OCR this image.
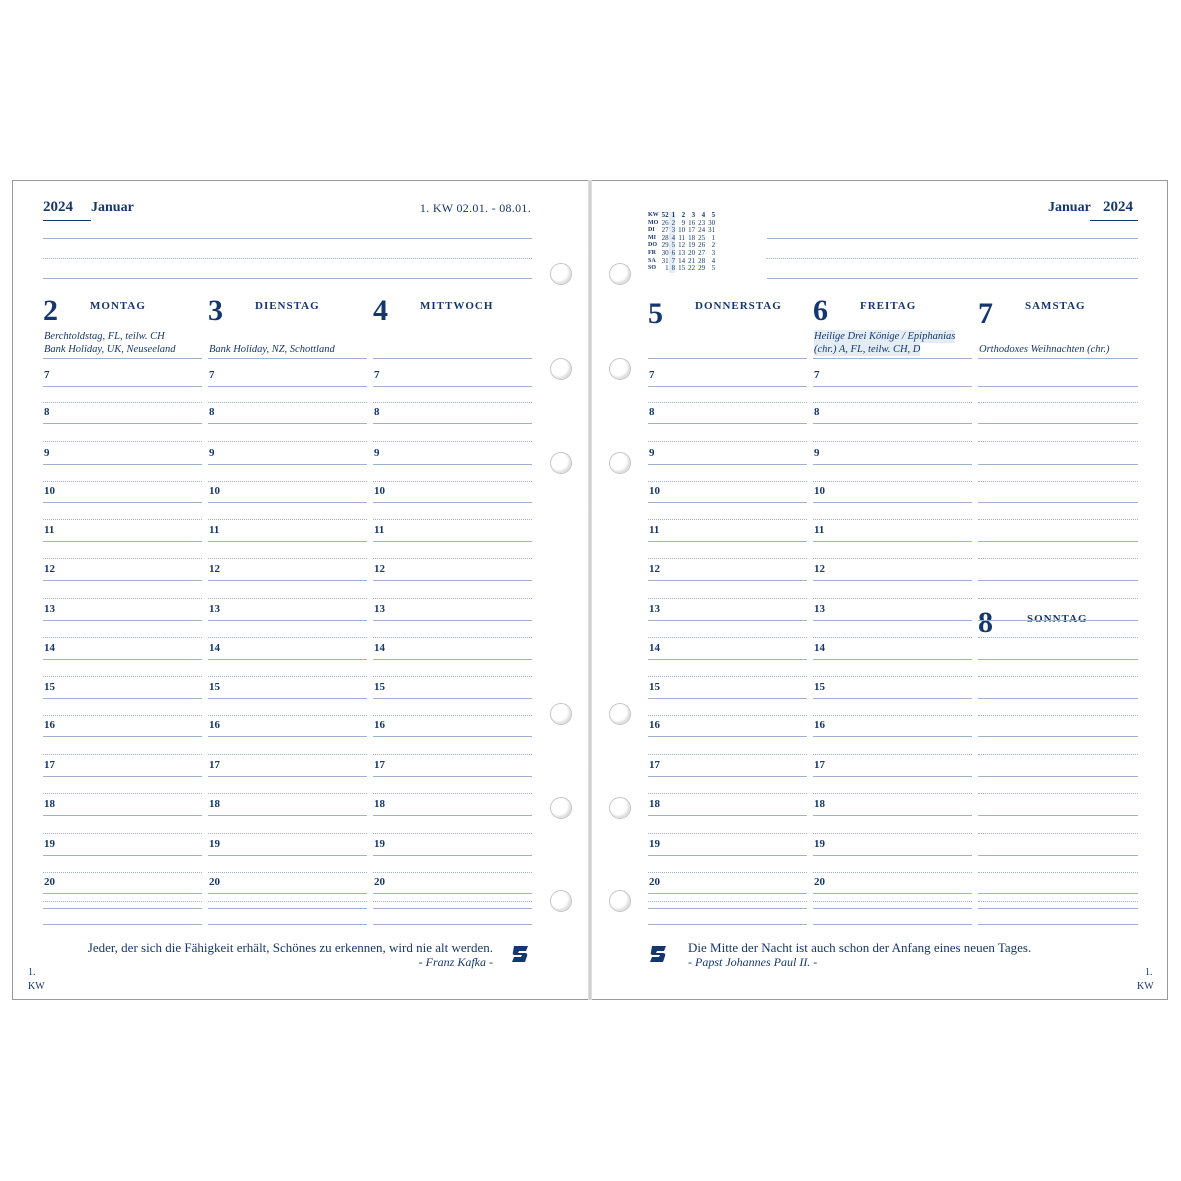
2024 Januar	1. KW 02.01. - 08.01.	Januar 2024
KW	52	1	2	3	4	5
MO	26	2	9	16	23	30
DI	27	3	10	17	24	31
MI	28	4	11	18	25	1
DO	29	5	12	19	26	2
FR	30	6	13	20	27	3
SA	31	7	14	21	28	4
SO	1	8	15	22	29	5
2	MONTAG
Berchtoldstag, FL, teilw. CH
Bank Holiday, UK, Neuseeland
7
8
9
10
11
12
13
14
15
16
17
18
19
20
3	DIENSTAG
Bank Holiday, NZ, Schottland
7
8
9
10
11
12
13
14
15
16
17
18
19
20
4	MITTWOCH
7
8
9
10
11
12
13
14
15
16
17
18
19
20
5	DONNERSTAG
7
8
9
10
11
12
13
14
15
16
17
18
19
20
6	FREITAG
Heilige Drei Könige / Epiphanias
(chr.) A, FL, teilw. CH, D
7
8
9
10
11
12
13
14
15
16
17
18
19
20
7	SAMSTAG
Orthodoxes Weihnachten (chr.)
8	SONNTAG
Jeder, der sich die Fähigkeit erhält, Schönes zu erkennen, wird nie alt werden.
- Franz Kafka -
Die Mitte der Nacht ist auch schon der Anfang eines neuen Tages.
- Papst Johannes Paul II. -
1.
KW
1.
KW
